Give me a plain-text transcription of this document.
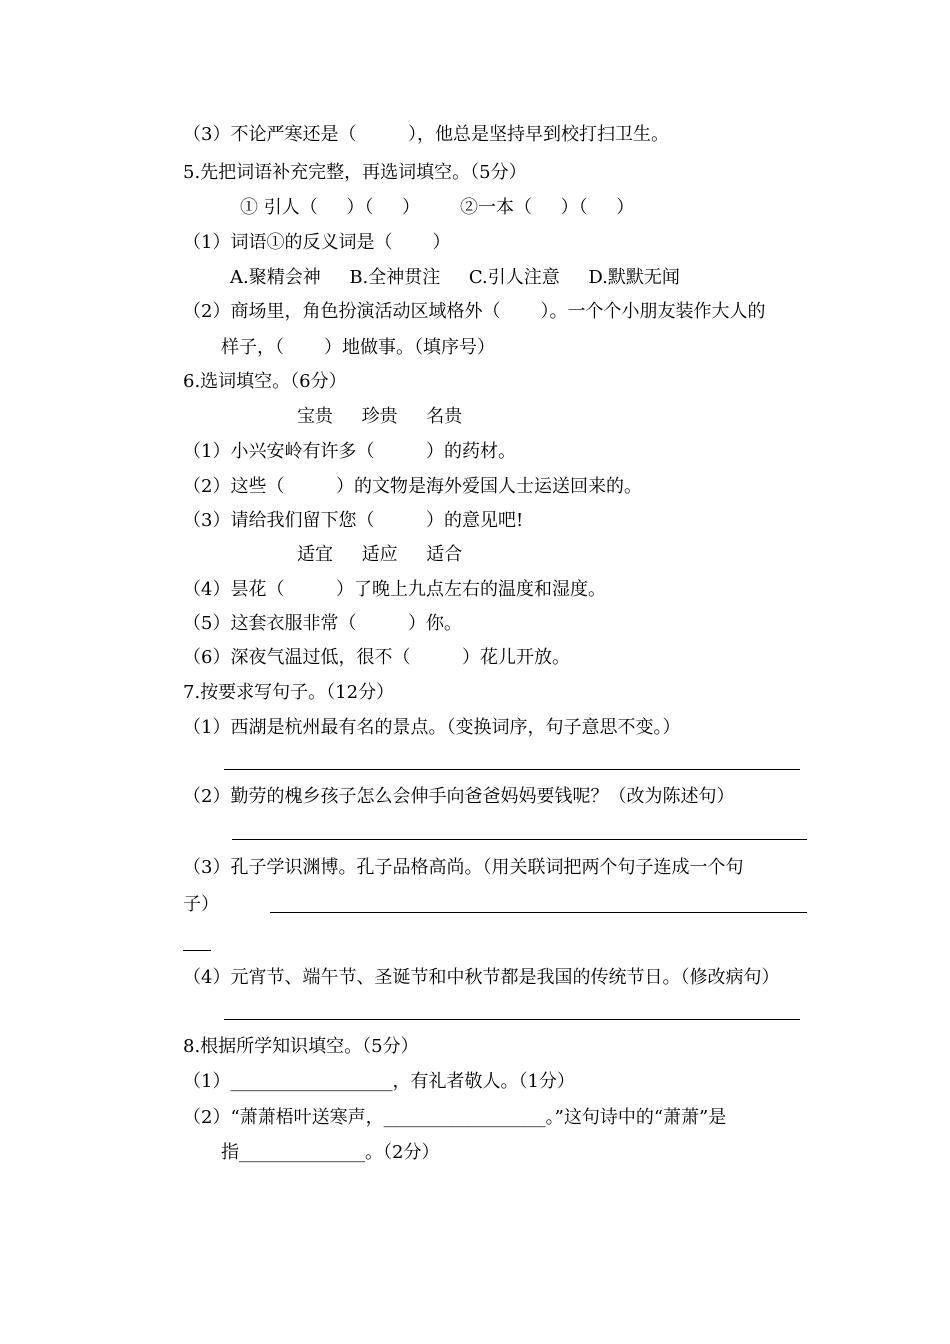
（3）不论严寒还是（         ），他总是坚持早到校打扫卫生。
5.先把词语补充完整，再选词填空。（5分）
① 引人（     ）（     ）       ②一本（     ）（     ）
（1）词语①的反义词是（       ）
A.聚精会神     B.全神贯注     C.引人注意     D.默默无闻
（2）商场里，角色扮演活动区域格外（       ）。一个个小朋友装作大人的
样子，（       ）地做事。（填序号）
6.选词填空。（6分）
宝贵     珍贵     名贵
（1）小兴安岭有许多（         ）的药材。
（2）这些（         ）的文物是海外爱国人士运送回来的。
（3）请给我们留下您（         ）的意见吧!
适宜     适应     适合
（4）昙花（         ）了晚上九点左右的温度和湿度。
（5）这套衣服非常（         ）你。
（6）深夜气温过低，很不（         ）花儿开放。
7.按要求写句子。（12分）
（1）西湖是杭州最有名的景点。（变换词序，句子意思不变。）
（2）勤劳的槐乡孩子怎么会伸手向爸爸妈妈要钱呢？（改为陈述句）
（3）孔子学识渊博。孔子品格高尚。（用关联词把两个句子连成一个句
子）
（4）元宵节、端午节、圣诞节和中秋节都是我国的传统节日。（修改病句）
8.根据所学知识填空。（5分）
（1）__________________，有礼者敬人。（1分）
（2）“萧萧梧叶送寒声，__________________。”这句诗中的“萧萧”是
指______________。（2分）
